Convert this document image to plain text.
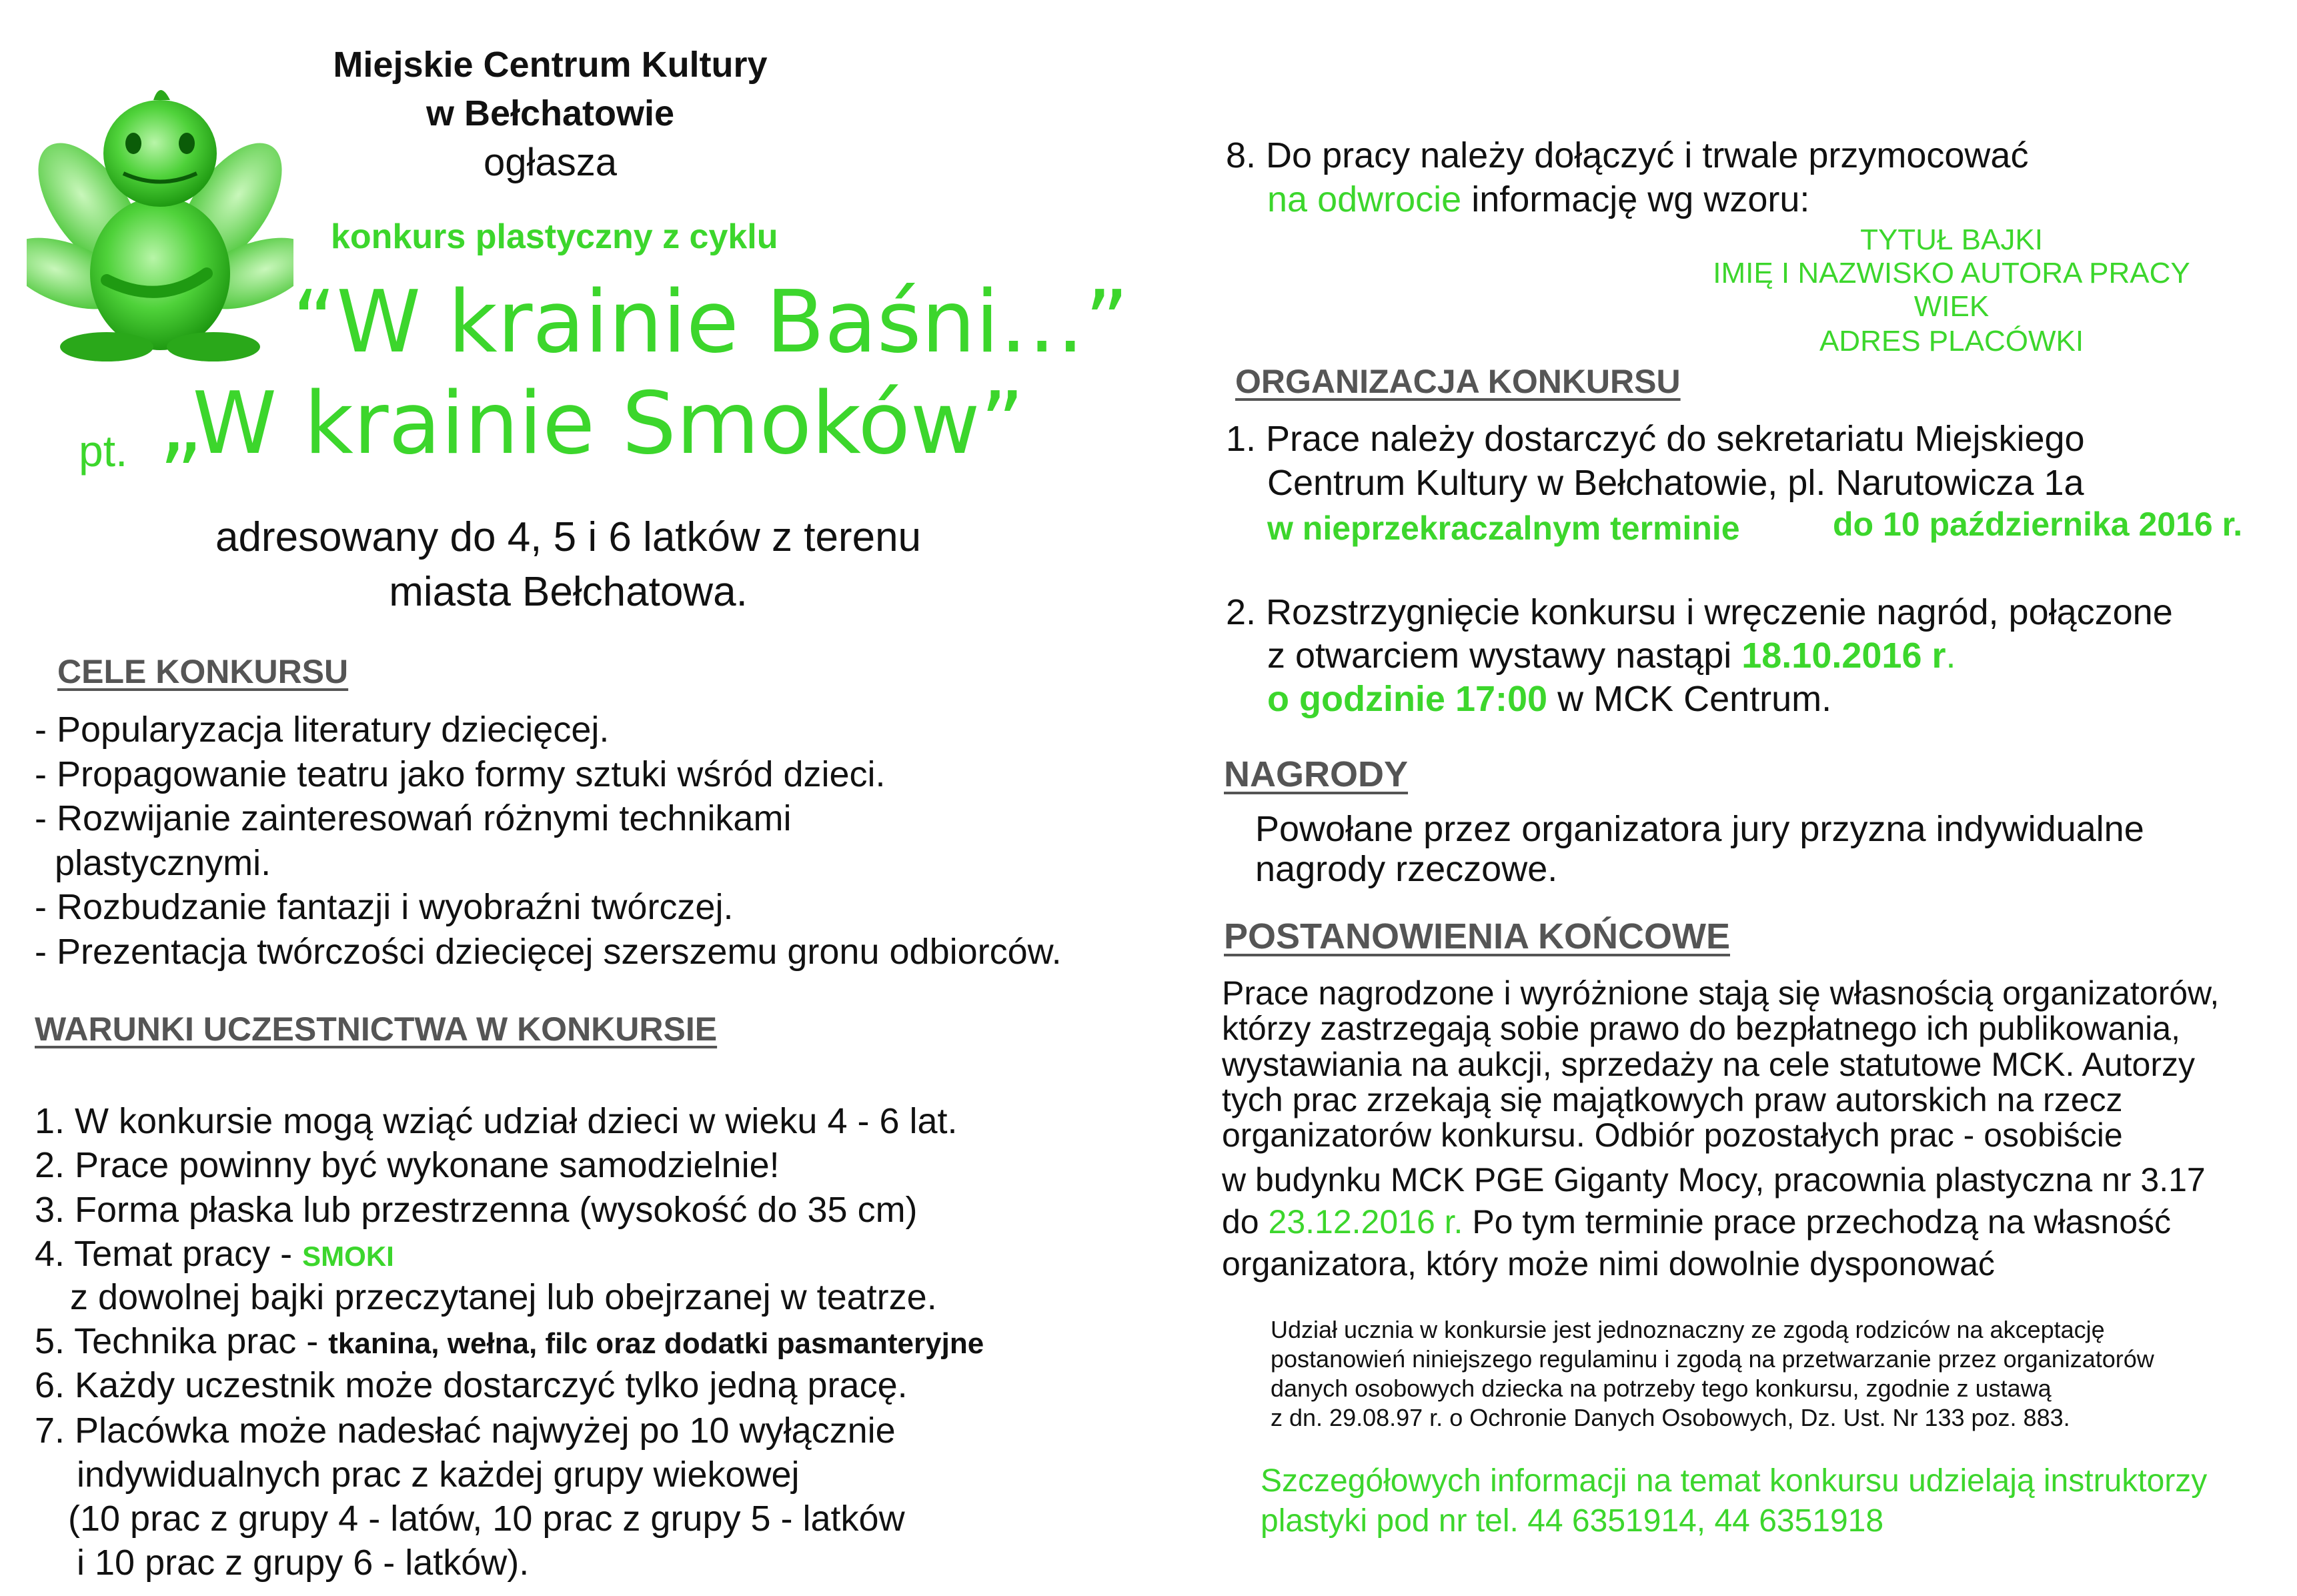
Miejskie Centrum Kultury
w Bełchatowie
ogłasza
konkurs plastyczny z cyklu
“W krainie Baśni…”
pt. „W krainie Smoków”
adresowany do 4, 5 i 6 latków z terenu
miasta Bełchatowa.
CELE KONKURSU
- Popularyzacja literatury dziecięcej.
- Propagowanie teatru jako formy sztuki wśród dzieci.
- Rozwijanie zainteresowań różnymi technikami
plastycznymi.
- Rozbudzanie fantazji i wyobraźni twórczej.
- Prezentacja twórczości dziecięcej szerszemu gronu odbiorców.
WARUNKI UCZESTNICTWA W KONKURSIE
1. W konkursie mogą wziąć udział dzieci w wieku 4 - 6 lat.
2. Prace powinny być wykonane samodzielnie!
3. Forma płaska lub przestrzenna (wysokość do 35 cm)
4. Temat pracy - SMOKI
z dowolnej bajki przeczytanej lub obejrzanej w teatrze.
5. Technika prac - tkanina, wełna, filc oraz dodatki pasmanteryjne
6. Każdy uczestnik może dostarczyć tylko jedną pracę.
7. Placówka może nadesłać najwyżej po 10 wyłącznie
indywidualnych prac z każdej grupy wiekowej
(10 prac z grupy 4 - latów, 10 prac z grupy 5 - latków
i 10 prac z grupy 6 - latków).
8. Do pracy należy dołączyć i trwale przymocować
na odwrocie informację wg wzoru:
TYTUŁ BAJKI
IMIĘ I NAZWISKO AUTORA PRACY
WIEK
ADRES PLACÓWKI
ORGANIZACJA KONKURSU
1. Prace należy dostarczyć do sekretariatu Miejskiego
Centrum Kultury w Bełchatowie, pl. Narutowicza 1a
w nieprzekraczalnym terminie	do 10 października 2016 r.
2. Rozstrzygnięcie konkursu i wręczenie nagród, połączone
z otwarciem wystawy nastąpi 18.10.2016 r.
o godzinie 17:00 w MCK Centrum.
NAGRODY
Powołane przez organizatora jury przyzna indywidualne
nagrody rzeczowe.
POSTANOWIENIA KOŃCOWE
Prace nagrodzone i wyróżnione stają się własnością organizatorów,
którzy zastrzegają sobie prawo do bezpłatnego ich publikowania,
wystawiania na aukcji, sprzedaży na cele statutowe MCK. Autorzy
tych prac zrzekają się majątkowych praw autorskich na rzecz
organizatorów konkursu. Odbiór pozostałych prac - osobiście
w budynku MCK PGE Giganty Mocy, pracownia plastyczna nr 3.17
do 23.12.2016 r. Po tym terminie prace przechodzą na własność
organizatora, który może nimi dowolnie dysponować
Udział ucznia w konkursie jest jednoznaczny ze zgodą rodziców na akceptację
postanowień niniejszego regulaminu i zgodą na przetwarzanie przez organizatorów
danych osobowych dziecka na potrzeby tego konkursu, zgodnie z ustawą
z dn. 29.08.97 r. o Ochronie Danych Osobowych, Dz. Ust. Nr 133 poz. 883.
Szczegółowych informacji na temat konkursu udzielają instruktorzy
plastyki pod nr tel. 44 6351914, 44 6351918
